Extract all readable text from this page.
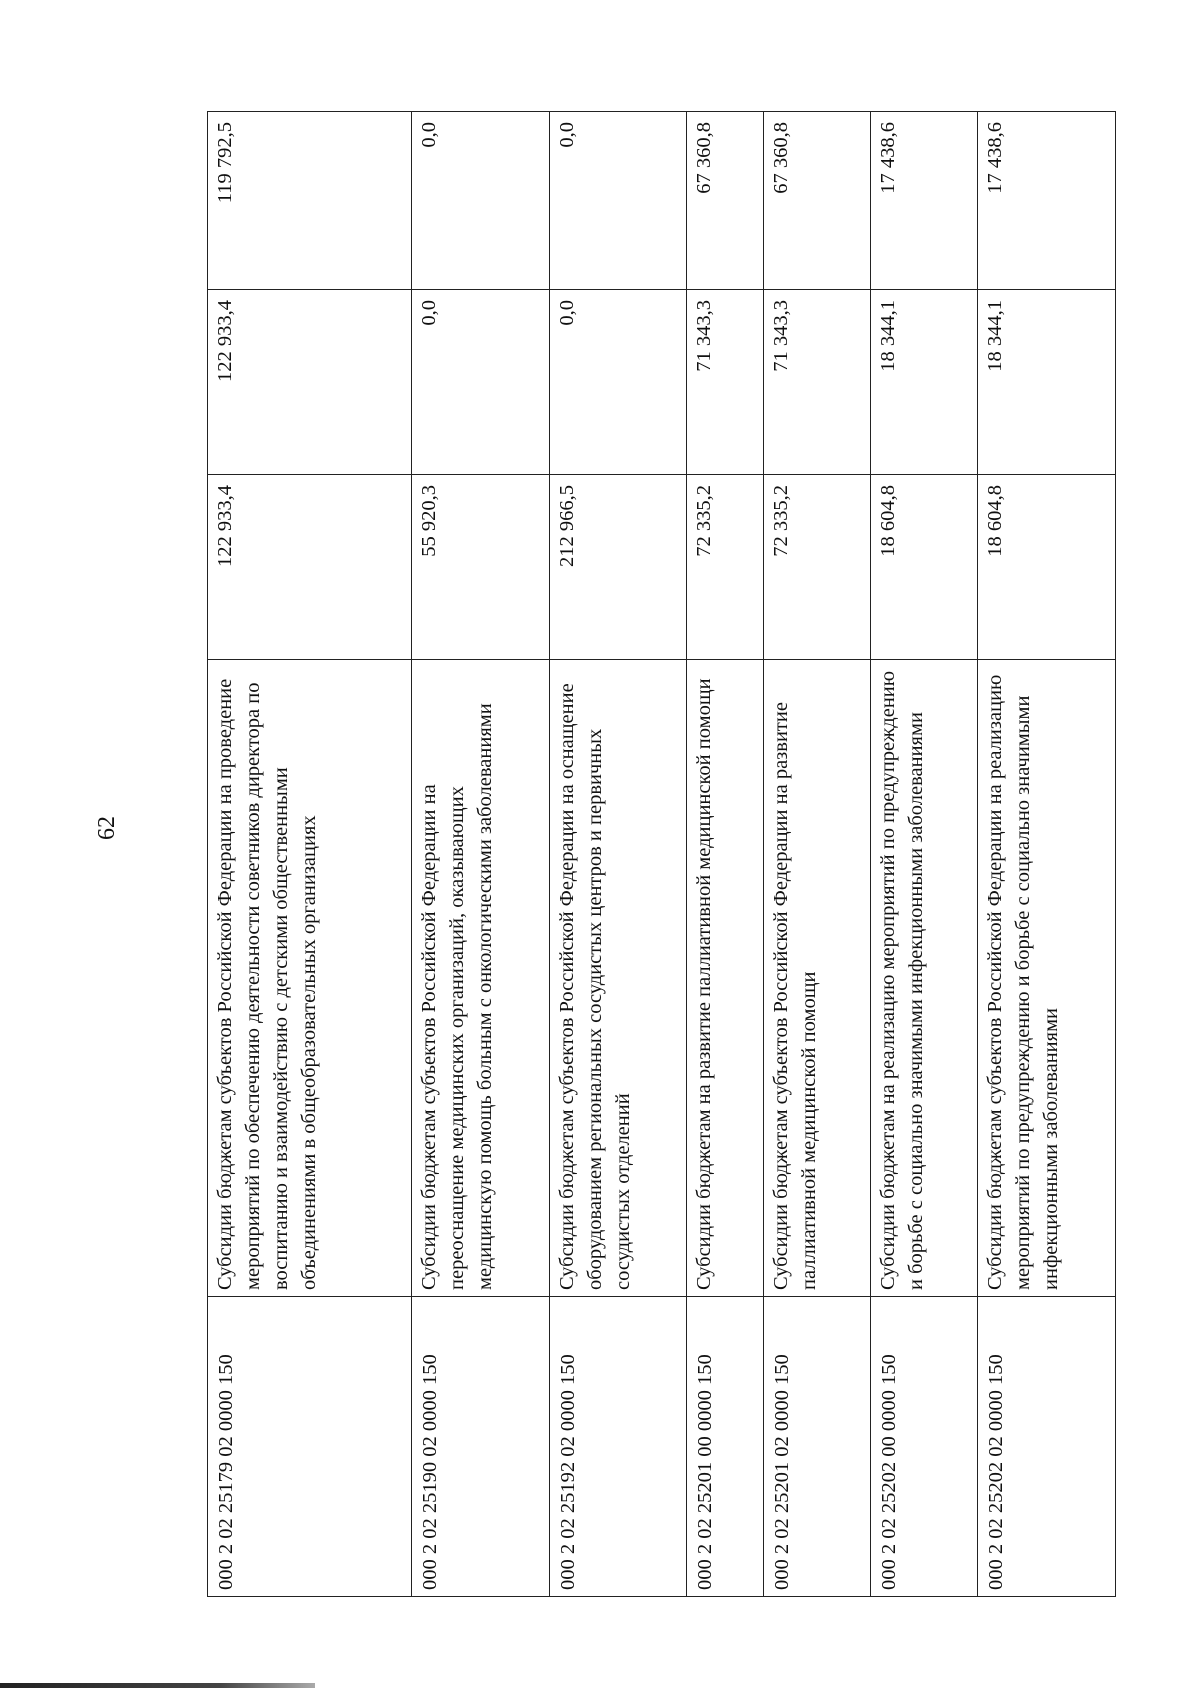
62
000 2 02 25179 02 0000 150	Субсидии бюджетам субъектов Российской Федерации на проведение мероприятий по обеспечению деятельности советников директора по воспитанию и взаимодействию с детскими общественными объединениями в общеобразовательных организациях	122 933,4	122 933,4	119 792,5
000 2 02 25190 02 0000 150	Субсидии бюджетам субъектов Российской Федерации на переоснащение медицинских организаций, оказывающих медицинскую помощь больным с онкологическими заболеваниями	55 920,3	0,0	0,0
000 2 02 25192 02 0000 150	Субсидии бюджетам субъектов Российской Федерации на оснащение оборудованием региональных сосудистых центров и первичных сосудистых отделений	212 966,5	0,0	0,0
000 2 02 25201 00 0000 150	Субсидии бюджетам на развитие паллиативной медицинской помощи	72 335,2	71 343,3	67 360,8
000 2 02 25201 02 0000 150	Субсидии бюджетам субъектов Российской Федерации на развитие паллиативной медицинской помощи	72 335,2	71 343,3	67 360,8
000 2 02 25202 00 0000 150	Субсидии бюджетам на реализацию мероприятий по предупреждению и борьбе с социально значимыми инфекционными заболеваниями	18 604,8	18 344,1	17 438,6
000 2 02 25202 02 0000 150	Субсидии бюджетам субъектов Российской Федерации на реализацию мероприятий по предупреждению и борьбе с социально значимыми инфекционными заболеваниями	18 604,8	18 344,1	17 438,6
